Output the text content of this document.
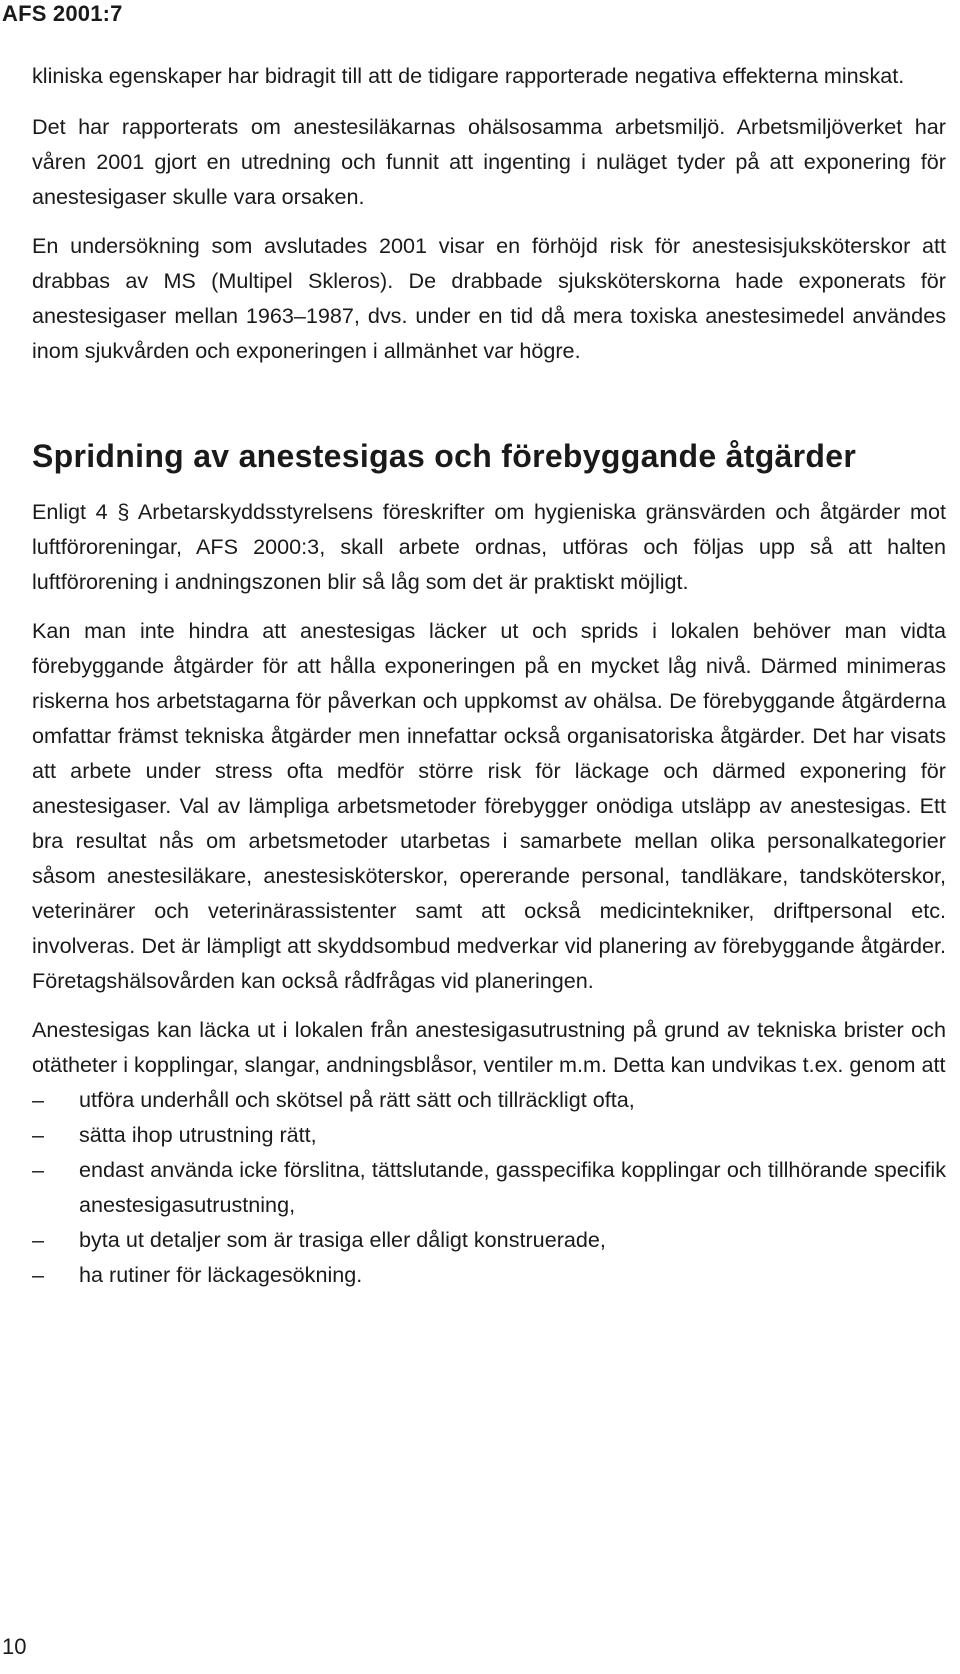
AFS 2001:7

kliniska egenskaper har bidragit till att de tidigare rapporterade negativa effekterna minskat.

Det har rapporterats om anestesiläkarnas ohälsosamma arbetsmiljö. Arbetsmiljöverket har våren 2001 gjort en utredning och funnit att ingenting i nuläget tyder på att exponering för anestesigaser skulle vara orsaken.

En undersökning som avslutades 2001 visar en förhöjd risk för anestesisjuksköterskor att drabbas av MS (Multipel Skleros). De drabbade sjuksköterskorna hade exponerats för anestesigaser mellan 1963–1987, dvs. under en tid då mera toxiska anestesimedel användes inom sjukvården och exponeringen i allmänhet var högre.

Spridning av anestesigas och förebyggande åtgärder

Enligt 4 § Arbetarskyddsstyrelsens föreskrifter om hygieniska gränsvärden och åtgärder mot luftföroreningar, AFS 2000:3, skall arbete ordnas, utföras och följas upp så att halten luftförorening i andningszonen blir så låg som det är praktiskt möjligt.

Kan man inte hindra att anestesigas läcker ut och sprids i lokalen behöver man vidta förebyggande åtgärder för att hålla exponeringen på en mycket låg nivå. Därmed minimeras riskerna hos arbetstagarna för påverkan och uppkomst av ohälsa. De förebyggande åtgärderna omfattar främst tekniska åtgärder men innefattar också organisatoriska åtgärder. Det har visats att arbete under stress ofta medför större risk för läckage och därmed exponering för anestesigaser. Val av lämpliga arbetsmetoder förebygger onödiga utsläpp av anestesigas. Ett bra resultat nås om arbetsmetoder utarbetas i samarbete mellan olika personalkategorier såsom anestesiläkare, anestesisköterskor, opererande personal, tandläkare, tandsköterskor, veterinärer och veterinärassistenter samt att också medicintekniker, driftpersonal etc. involveras. Det är lämpligt att skyddsombud medverkar vid planering av förebyggande åtgärder. Företagshälsovården kan också rådfrågas vid planeringen.

Anestesigas kan läcka ut i lokalen från anestesigasutrustning på grund av tekniska brister och otätheter i kopplingar, slangar, andningsblåsor, ventiler m.m. Detta kan undvikas t.ex. genom att

– utföra underhåll och skötsel på rätt sätt och tillräckligt ofta,
– sätta ihop utrustning rätt,
– endast använda icke förslitna, tättslutande, gasspecifika kopplingar och tillhörande specifik anestesigasutrustning,
– byta ut detaljer som är trasiga eller dåligt konstruerade,
– ha rutiner för läckagesökning.
10
